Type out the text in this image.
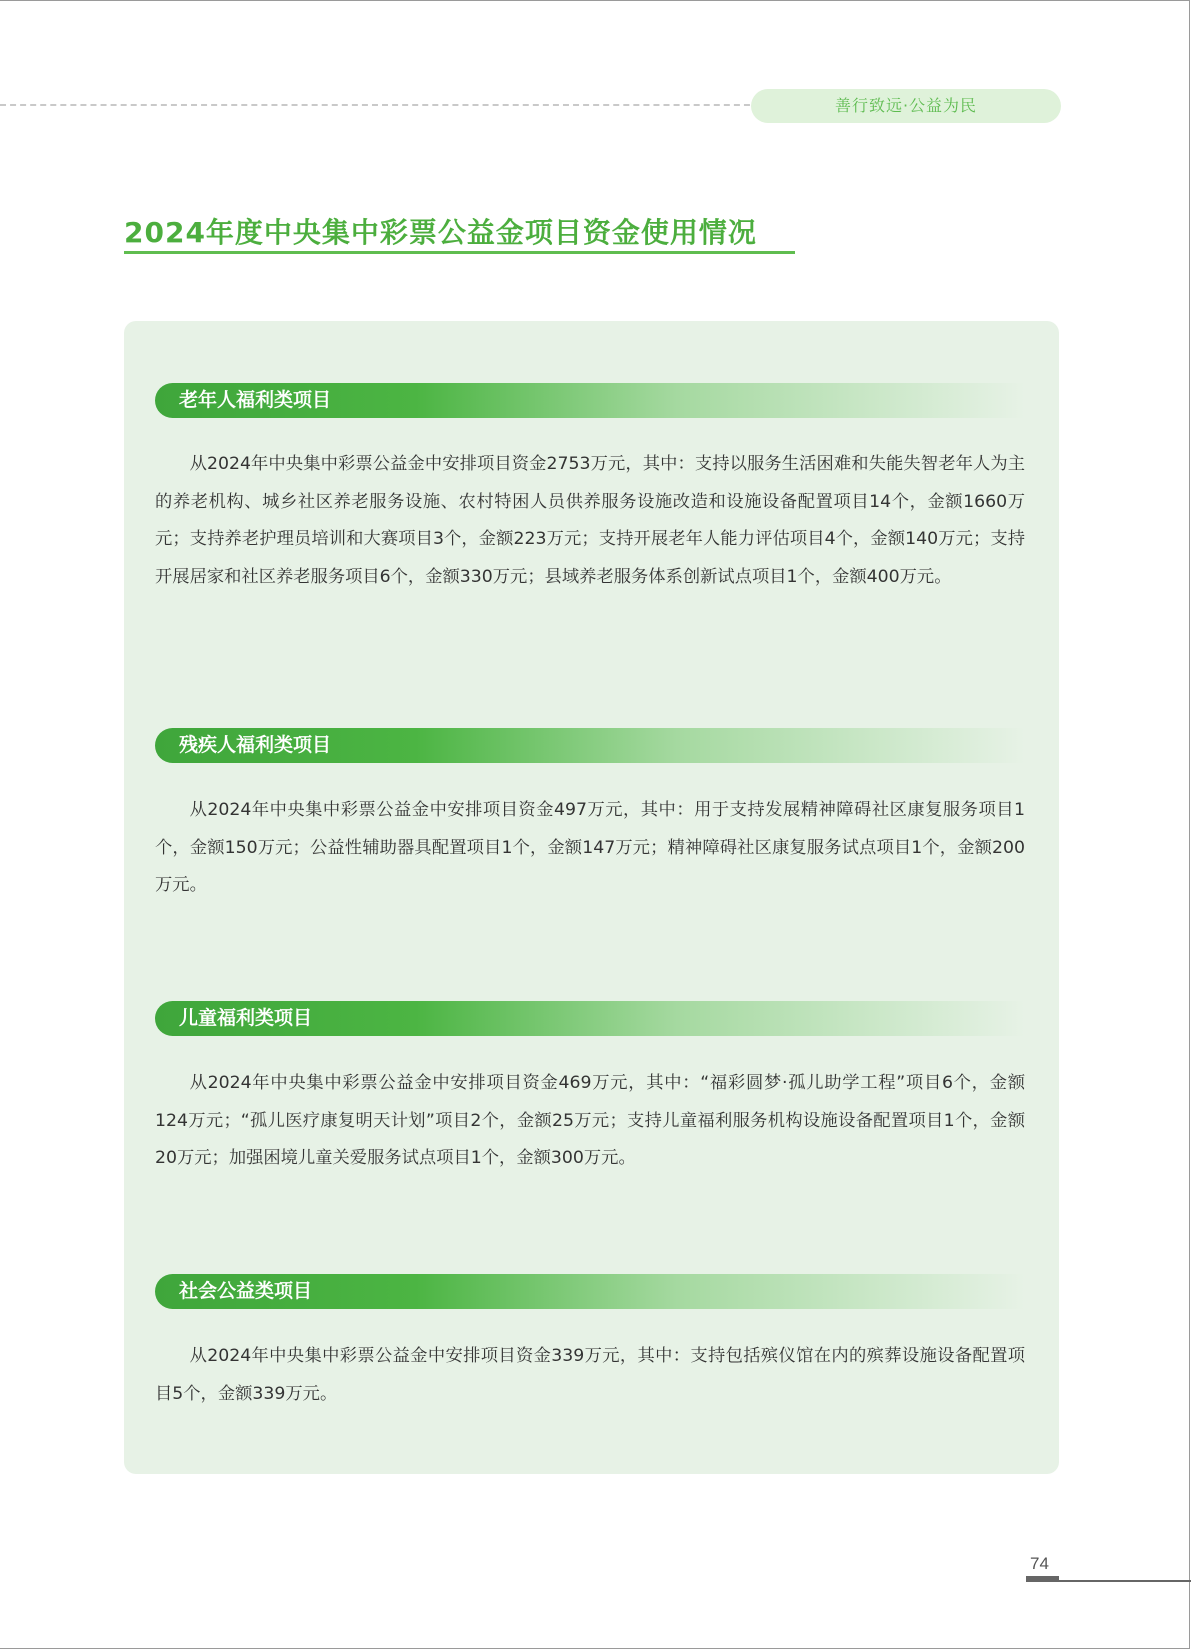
善行致远·公益为民
2024年度中央集中彩票公益金项目资金使用情况
老年人福利类项目

从2024年中央集中彩票公益金中安排项目资金2753万元，其中：支持以服务生活困难和失能失智老年人为主的养老机构、城乡社区养老服务设施、农村特困人员供养服务设施改造和设施设备配置项目14个，金额1660万元；支持养老护理员培训和大赛项目3个，金额223万元；支持开展老年人能力评估项目4个，金额140万元；支持开展居家和社区养老服务项目6个，金额330万元；县域养老服务体系创新试点项目1个，金额400万元。

残疾人福利类项目

从2024年中央集中彩票公益金中安排项目资金497万元，其中：用于支持发展精神障碍社区康复服务项目1个，金额150万元；公益性辅助器具配置项目1个，金额147万元；精神障碍社区康复服务试点项目1个，金额200万元。

儿童福利类项目

从2024年中央集中彩票公益金中安排项目资金469万元，其中：“福彩圆梦·孤儿助学工程”项目6个，金额124万元；“孤儿医疗康复明天计划”项目2个，金额25万元；支持儿童福利服务机构设施设备配置项目1个，金额20万元；加强困境儿童关爱服务试点项目1个，金额300万元。

社会公益类项目

从2024年中央集中彩票公益金中安排项目资金339万元，其中：支持包括殡仪馆在内的殡葬设施设备配置项目5个，金额339万元。

74
